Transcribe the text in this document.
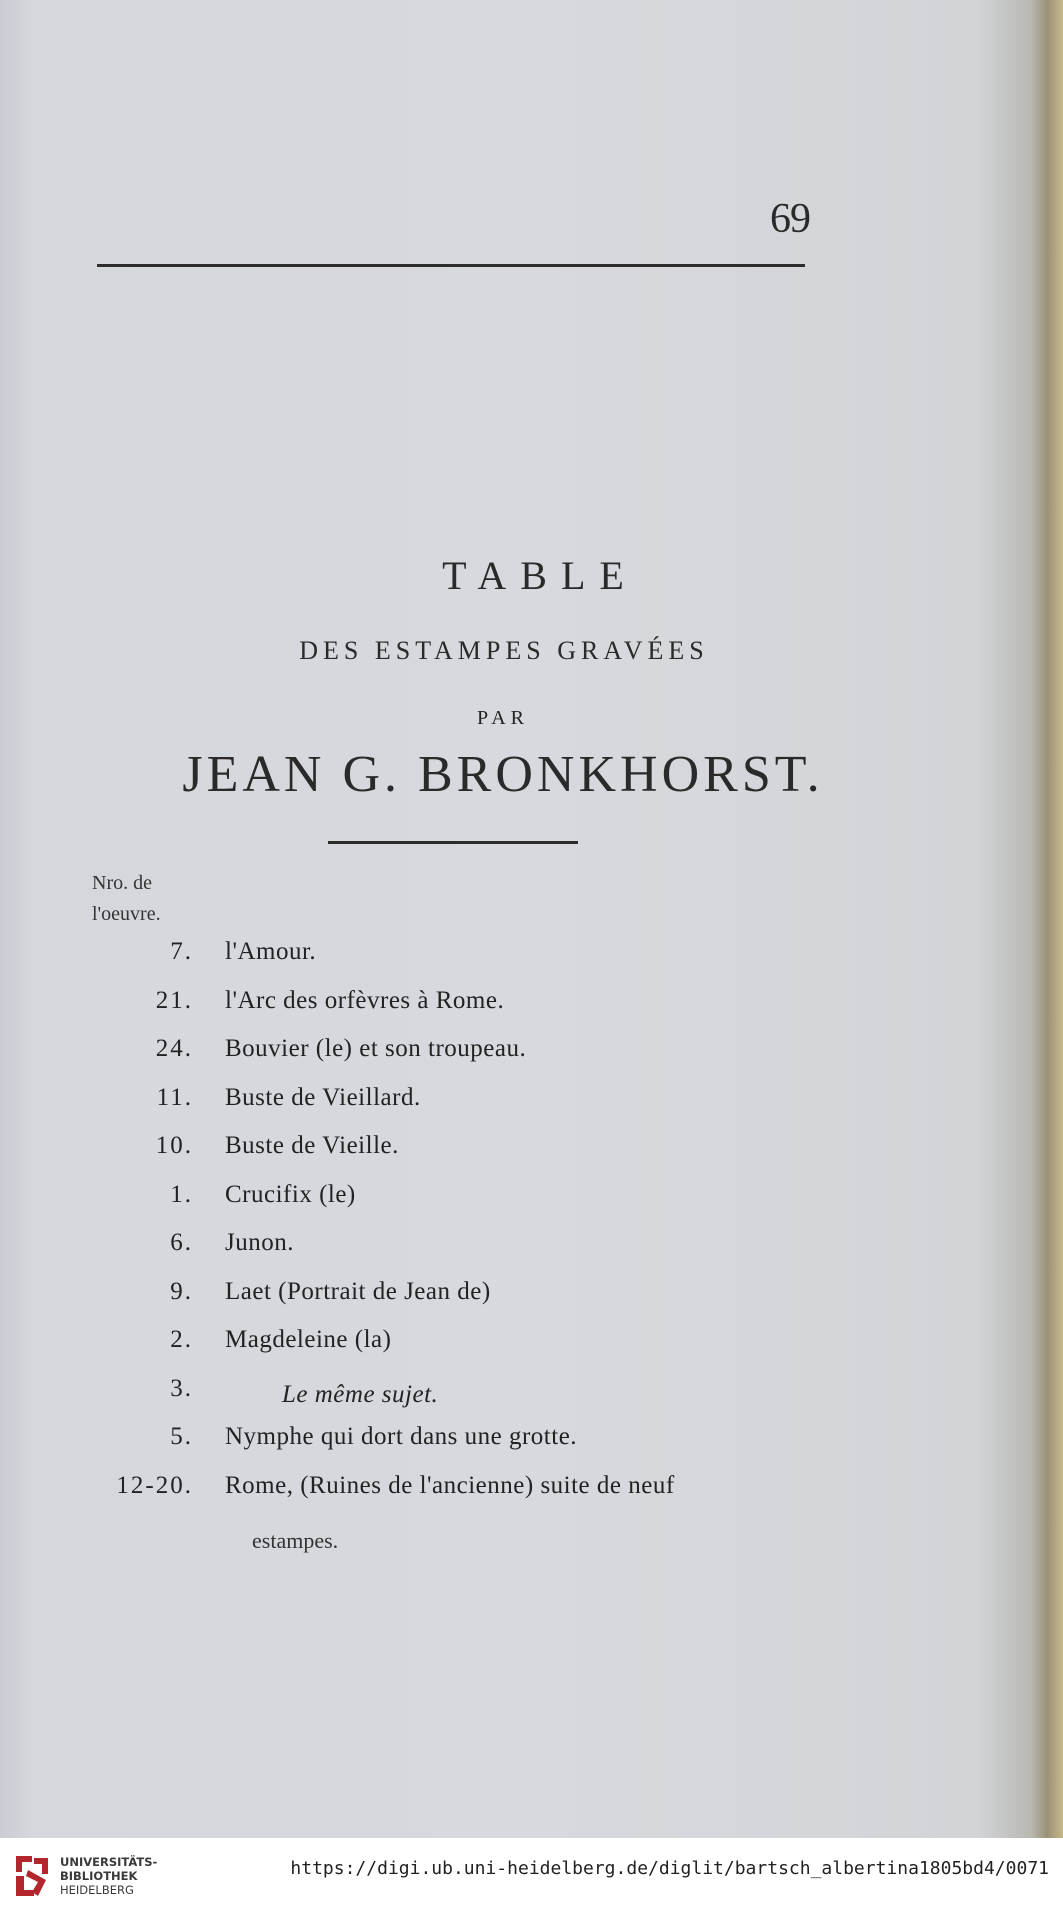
69
TABLE
DES ESTAMPES GRAVÉES
PAR
JEAN G. BRONKHORST.
Nro. de
l'oeuvre.
7. l'Amour.
21. l'Arc des orfèvres à Rome.
24. Bouvier (le) et son troupeau.
11. Buste de Vieillard.
10. Buste de Vieille.
1. Crucifix (le)
6. Junon.
9. Laet (Portrait de Jean de)
2. Magdeleine (la)
3.	Le même sujet.
5. Nymphe qui dort dans une grotte.
12-20. Rome, (Ruines de l'ancienne) suite de neuf
estampes.
UNIVERSITÄTS-
BIBLIOTHEK
HEIDELBERG
https://digi.ub.uni-heidelberg.de/diglit/bartsch_albertina1805bd4/0071
